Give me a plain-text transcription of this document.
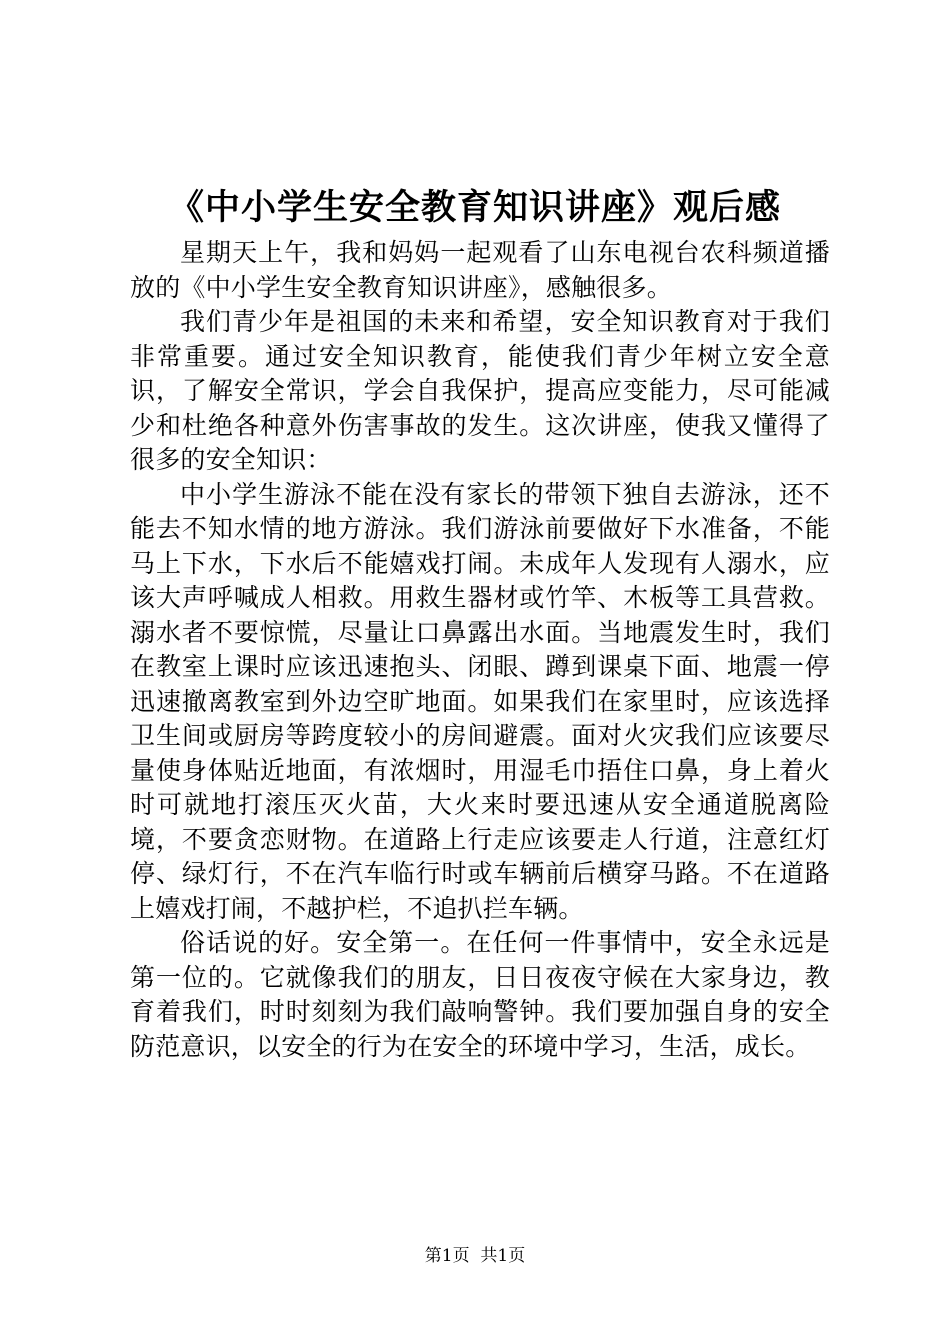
《中小学生安全教育知识讲座》观后感

星期天上午，我和妈妈一起观看了山东电视台农科频道播放的《中小学生安全教育知识讲座》，感触很多。

我们青少年是祖国的未来和希望，安全知识教育对于我们非常重要。通过安全知识教育，能使我们青少年树立安全意识，了解安全常识，学会自我保护，提高应变能力，尽可能减少和杜绝各种意外伤害事故的发生。这次讲座，使我又懂得了很多的安全知识：

中小学生游泳不能在没有家长的带领下独自去游泳，还不能去不知水情的地方游泳。我们游泳前要做好下水准备，不能马上下水，下水后不能嬉戏打闹。未成年人发现有人溺水，应该大声呼喊成人相救。用救生器材或竹竿、木板等工具营救。溺水者不要惊慌，尽量让口鼻露出水面。当地震发生时，我们在教室上课时应该迅速抱头、闭眼、蹲到课桌下面、地震一停迅速撤离教室到外边空旷地面。如果我们在家里时，应该选择卫生间或厨房等跨度较小的房间避震。面对火灾我们应该要尽量使身体贴近地面，有浓烟时，用湿毛巾捂住口鼻，身上着火时可就地打滚压灭火苗，大火来时要迅速从安全通道脱离险境，不要贪恋财物。在道路上行走应该要走人行道，注意红灯停、绿灯行，不在汽车临行时或车辆前后横穿马路。不在道路上嬉戏打闹，不越护栏，不追扒拦车辆。

俗话说的好。安全第一。在任何一件事情中，安全永远是第一位的。它就像我们的朋友，日日夜夜守候在大家身边，教育着我们，时时刻刻为我们敲响警钟。我们要加强自身的安全防范意识，以安全的行为在安全的环境中学习，生活，成长。

第1页 共1页
